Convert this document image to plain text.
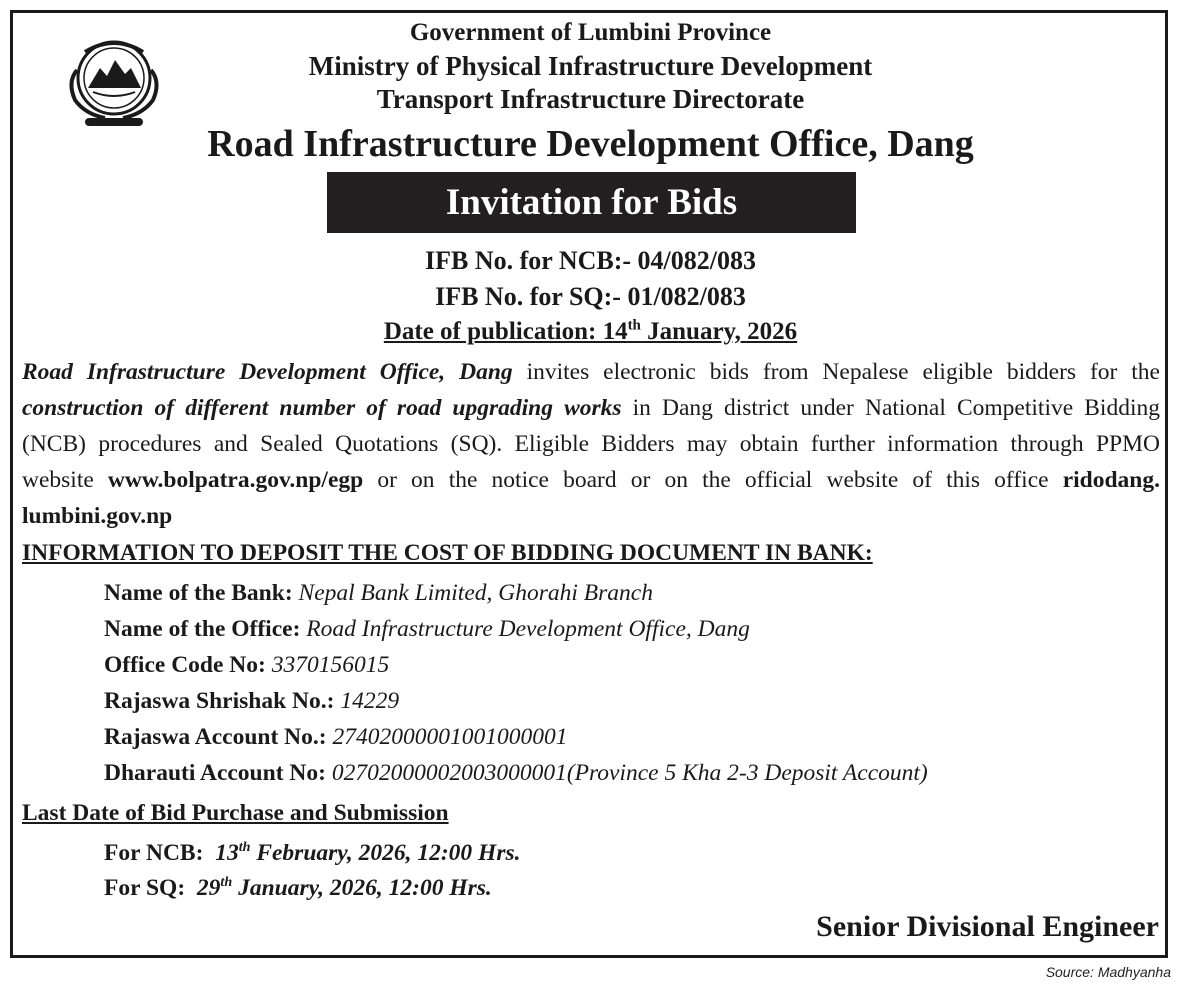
Government of Lumbini Province
Ministry of Physical Infrastructure Development
Transport Infrastructure Directorate
Road Infrastructure Development Office, Dang
Invitation for Bids
IFB No. for NCB:- 04/082/083
IFB No. for SQ:- 01/082/083
Date of publication: 14th January, 2026
Road Infrastructure Development Office, Dang invites electronic bids from Nepalese eligible bidders for the
construction of different number of road upgrading works in Dang district under National Competitive Bidding
(NCB) procedures and Sealed Quotations (SQ). Eligible Bidders may obtain further information through PPMO
website www.bolpatra.gov.np/egp or on the notice board or on the official website of this office ridodang.
lumbini.gov.np
INFORMATION TO DEPOSIT THE COST OF BIDDING DOCUMENT IN BANK:
Name of the Bank: Nepal Bank Limited, Ghorahi Branch
Name of the Office: Road Infrastructure Development Office, Dang
Office Code No: 3370156015
Rajaswa Shrishak No.: 14229
Rajaswa Account No.: 27402000001001000001
Dharauti Account No: 02702000002003000001(Province 5 Kha 2-3 Deposit Account)
Last Date of Bid Purchase and Submission
For NCB:  13th February, 2026, 12:00 Hrs.
For SQ:  29th January, 2026, 12:00 Hrs.
Senior Divisional Engineer
Source: Madhyanha
